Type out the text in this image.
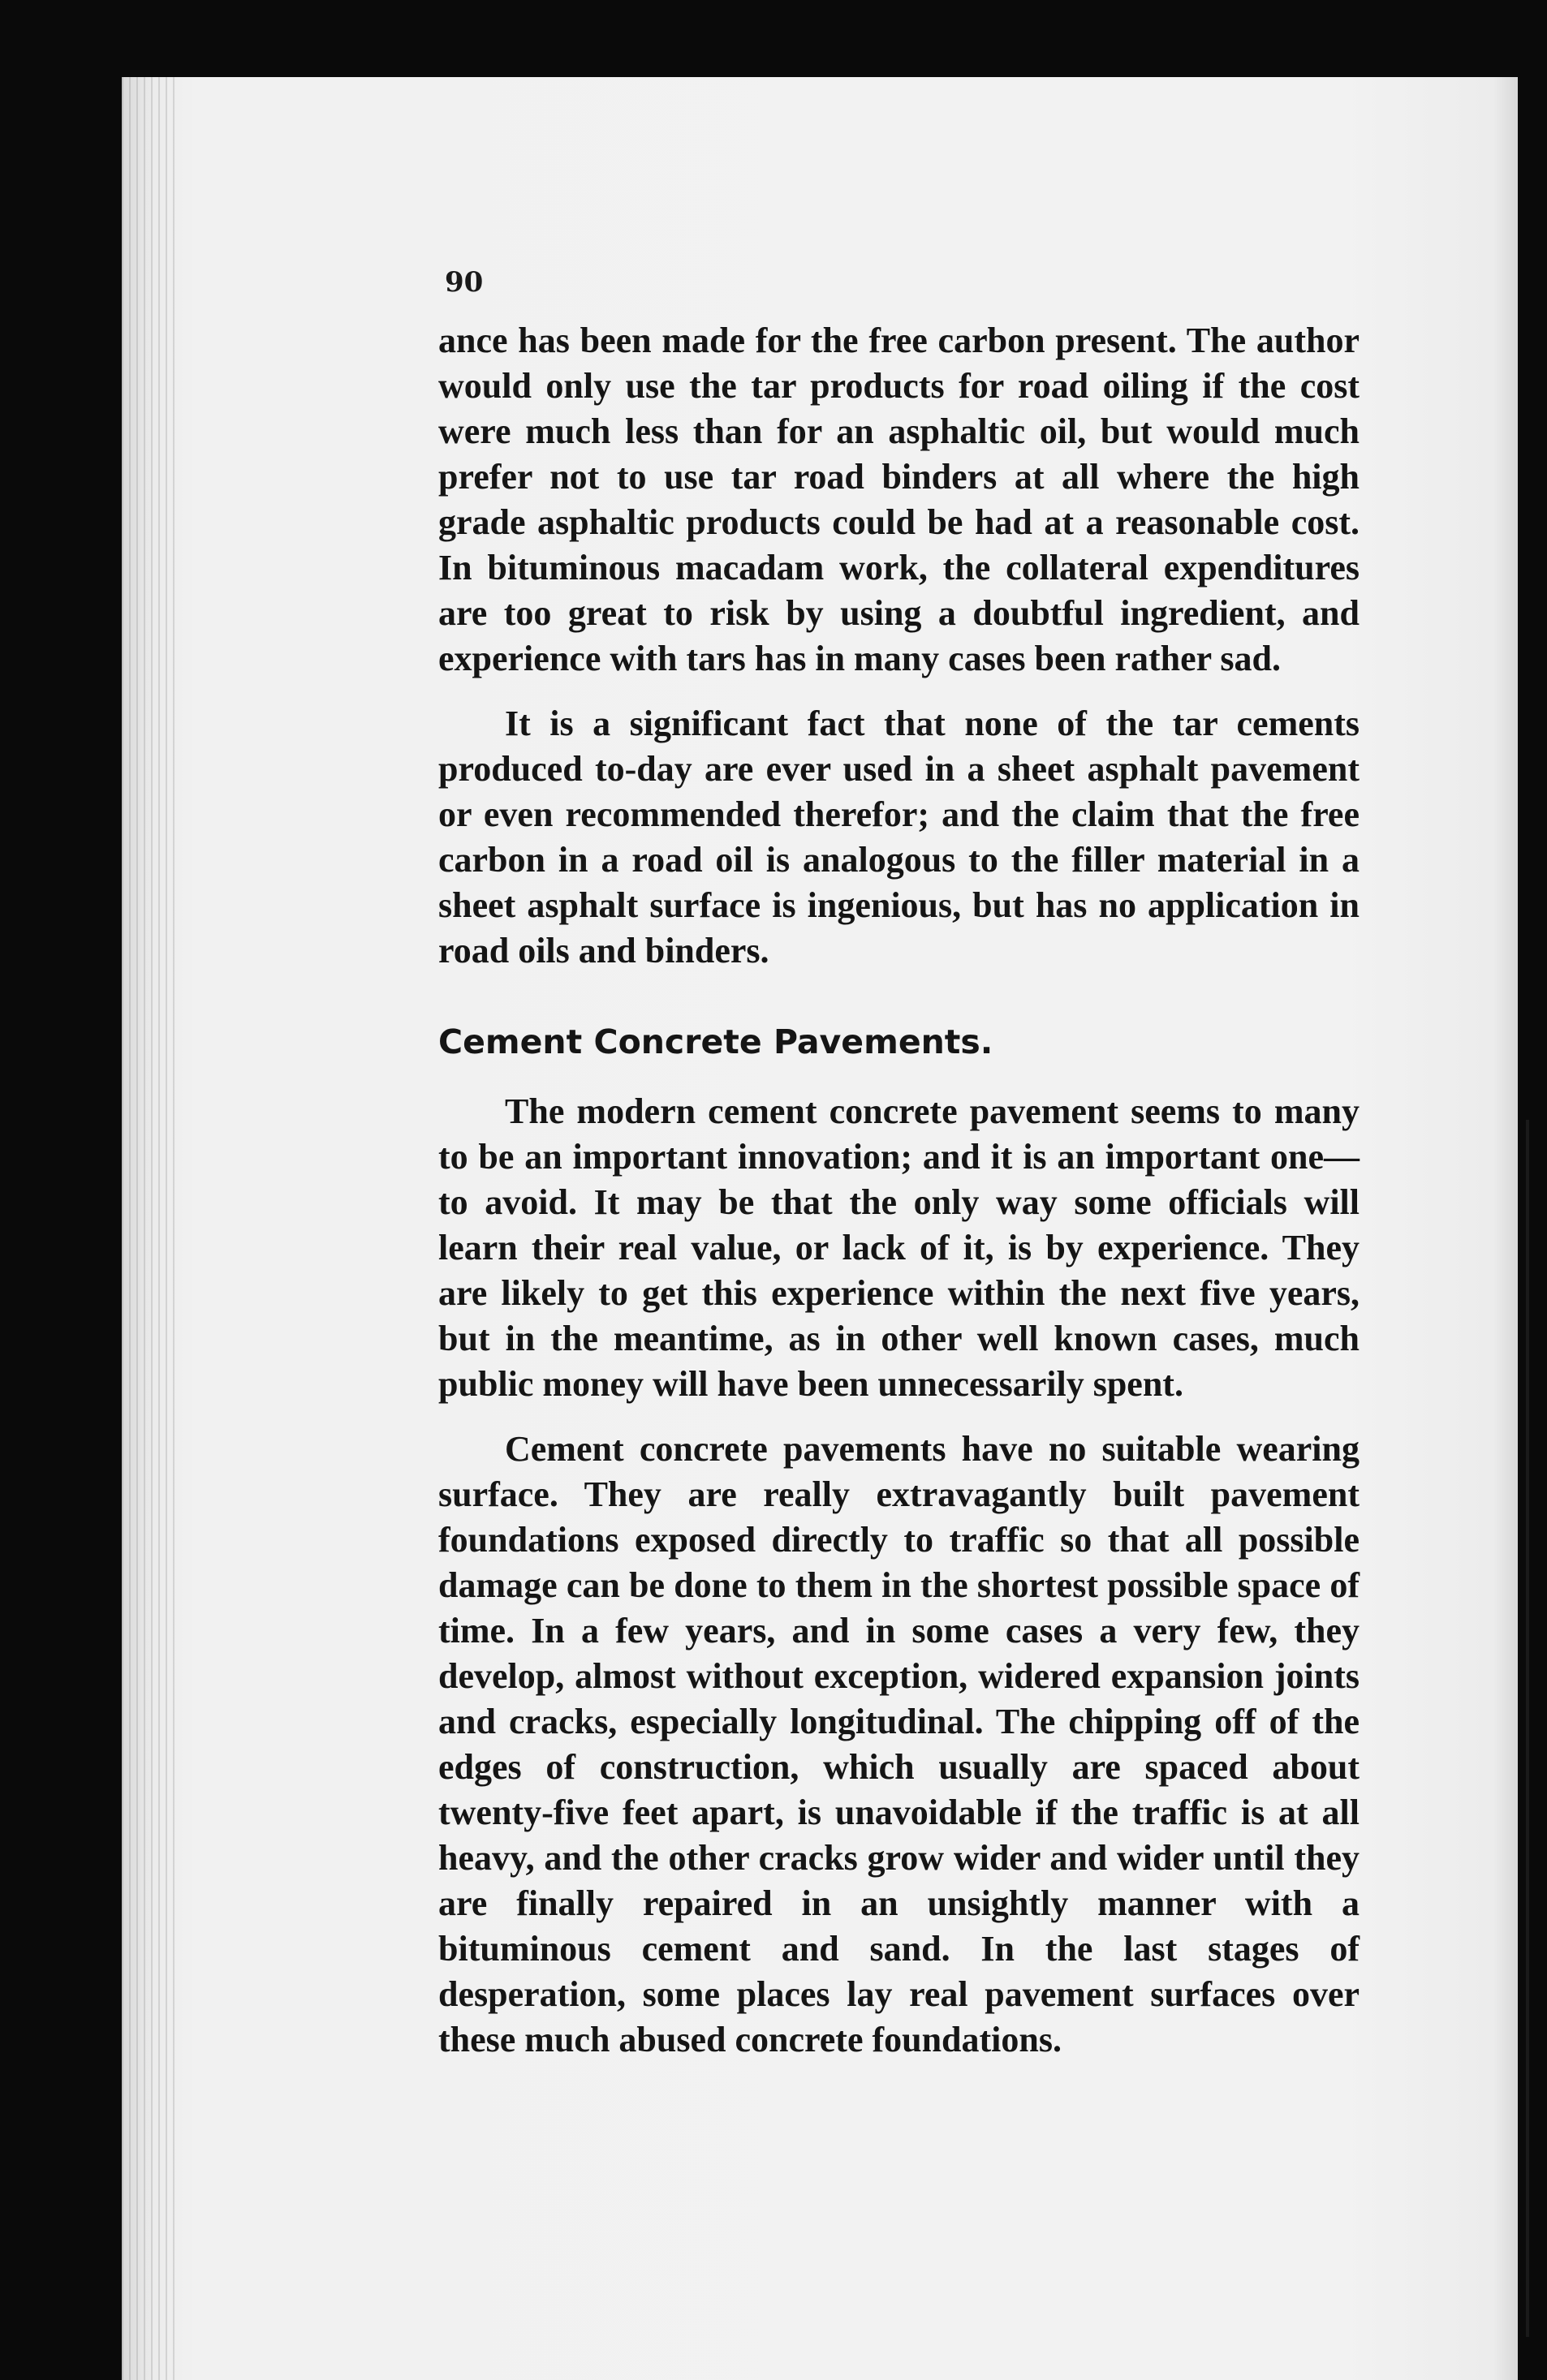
90

ance has been made for the free carbon present. The author would only use the tar products for road oiling if the cost were much less than for an asphaltic oil, but would much prefer not to use tar road binders at all where the high grade asphaltic products could be had at a reasonable cost. In bituminous macadam work, the collateral expenditures are too great to risk by using a doubtful ingredient, and experience with tars has in many cases been rather sad.

It is a significant fact that none of the tar cements produced to-day are ever used in a sheet asphalt pavement or even recommended therefor; and the claim that the free carbon in a road oil is analogous to the filler material in a sheet asphalt surface is ingenious, but has no application in road oils and binders.

Cement Concrete Pavements.

The modern cement concrete pavement seems to many to be an important innovation; and it is an important one—to avoid. It may be that the only way some officials will learn their real value, or lack of it, is by experience. They are likely to get this experience within the next five years, but in the meantime, as in other well known cases, much public money will have been unnecessarily spent.

Cement concrete pavements have no suitable wearing surface. They are really extravagantly built pavement foundations exposed directly to traffic so that all possible damage can be done to them in the shortest possible space of time. In a few years, and in some cases a very few, they develop, almost without exception, widered expansion joints and cracks, especially longitudinal. The chipping off of the edges of construction, which usually are spaced about twenty-five feet apart, is unavoidable if the traffic is at all heavy, and the other cracks grow wider and wider until they are finally repaired in an unsightly manner with a bituminous cement and sand. In the last stages of desperation, some places lay real pavement surfaces over these much abused concrete foundations.
